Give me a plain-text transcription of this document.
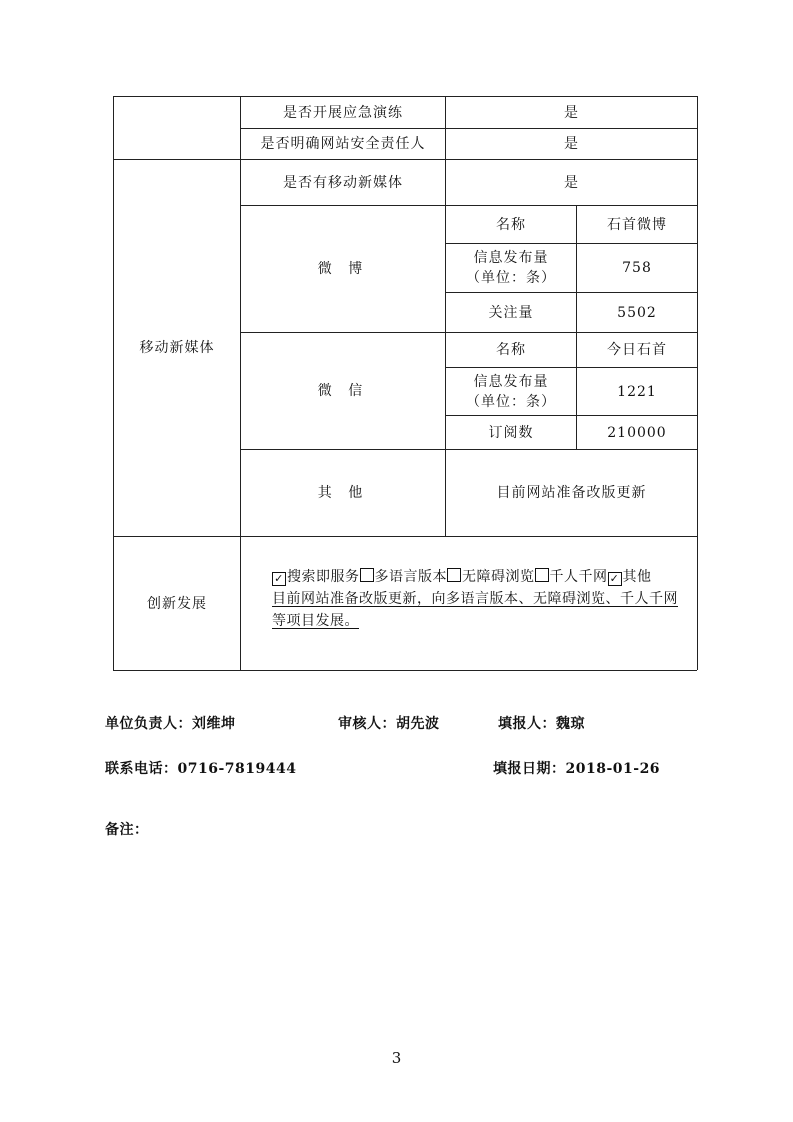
是否开展应急演练	是
是否明确网站安全责任人	是
移动新媒体
是否有移动新媒体	是
微 博
名称	石首微博
信息发布量
（单位：条）
758
关注量	5502
微 信
名称	今日石首
信息发布量
（单位：条）
1221
订阅数	210000
其 他	目前网站准备改版更新
创新发展
✓搜索即服务 多语言版本 无障碍浏览 千人千网✓ 其他
目前网站准备改版更新，向多语言版本、无障碍浏览、千人千网等项目发展。
单位负责人：刘维坤	审核人：胡先波	填报人：魏琼
联系电话：0716-7819444	填报日期：2018-01-26
备注：
3
